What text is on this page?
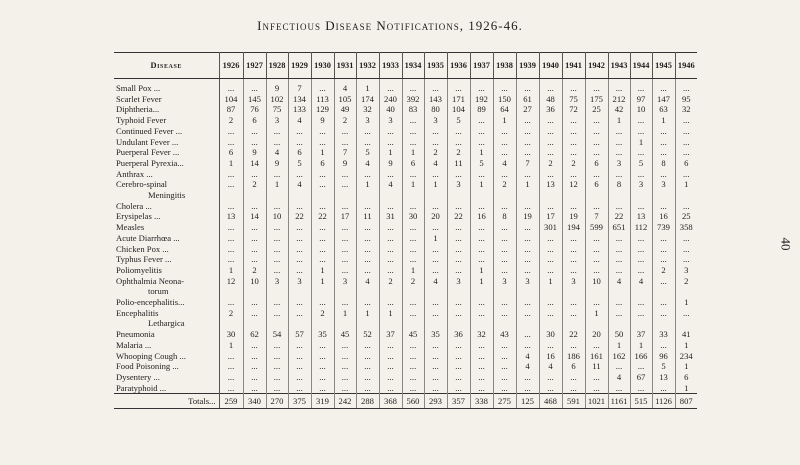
Infectious Disease Notifications, 1926-46.
40
Disease	1926	1927	1928	1929	1930	1931	1932	1933	1934	1935	1936	1937	1938	1939	1940	1941	1942	1943	1944	1945	1946
Small Pox ...	...	...	9	7	...	4	1	...	...	...	...	...	...	...	...	...	...	...	...	...	...
Scarlet Fever	104	145	102	134	113	105	174	240	392	143	171	192	150	61	48	75	175	212	97	147	95
Diphtheria...	87	76	75	133	129	49	32	40	83	80	104	89	64	27	36	72	25	42	10	63	32
Typhoid Fever	2	6	3	4	9	2	3	3	...	3	5	...	1	...	...	...	...	1	...	1	...
Continued Fever ...	...	...	...	...	...	...	...	...	...	...	...	...	...	...	...	...	...	...	...	...	...
Undulant Fever ...	...	...	...	...	...	...	...	...	...	...	...	...	...	...	...	...	...	...	1	...	...
Puerperal Fever ...	6	9	4	6	1	7	5	1	1	2	2	1	...	...	...	...	...	...	...	...	...
Puerperal Pyrexia...	1	14	9	5	6	9	4	9	6	4	11	5	4	7	2	2	6	3	5	8	6
Anthrax ...	...	...	...	...	...	...	...	...	...	...	...	...	...	...	...	...	...	...	...	...	...
Cerebro-spinal	...	2	1	4	...	...	1	4	1	1	3	1	2	1	13	12	6	8	3	3	1
Meningitis																					
Cholera ...	...	...	...	...	...	...	...	...	...	...	...	...	...	...	...	...	...	...	...	...	...
Erysipelas ...	13	14	10	22	22	17	11	31	30	20	22	16	8	19	17	19	7	22	13	16	25
Measles	...	...	...	...	...	...	...	...	...	...	...	...	...	...	301	194	599	651	112	739	358
Acute Diarrhœa ...	...	...	...	...	...	...	...	...	...	1	...	...	...	...	...	...	...	...	...	...	...
Chicken Pox ...	...	...	...	...	...	...	...	...	...	...	...	...	...	...	...	...	...	...	...	...	...
Typhus Fever ...	...	...	...	...	...	...	...	...	...	...	...	...	...	...	...	...	...	...	...	...	...
Poliomyelitis	1	2	...	...	1	...	...	...	1	...	...	1	...	...	...	...	...	...	...	2	3
Ophthalmia Neona-	12	10	3	3	1	3	4	2	2	4	3	1	3	3	1	3	10	4	4	...	2
torum																					
Polio-encephalitis...	...	...	...	...	...	...	...	...	...	...	...	...	...	...	...	...	...	...	...	...	1
Encephalitis	2	...	...	...	2	1	1	1	...	...	...	...	...	...	...	...	1	...	...	...	...
Lethargica																					
Pneumonia	30	62	54	57	35	45	52	37	45	35	36	32	43	...	30	22	20	50	37	33	41
Malaria ...	1	...	...	...	...	...	...	...	...	...	...	...	...	...	...	...	...	1	1	...	1
Whooping Cough ...	...	...	...	...	...	...	...	...	...	...	...	...	...	4	16	186	161	162	166	96	234
Food Poisoning ...	...	...	...	...	...	...	...	...	...	...	...	...	...	4	4	6	11	...	...	5	1
Dysentery ...	...	...	...	...	...	...	...	...	...	...	...	...	...	...	...	...	...	4	67	13	6
Paratyphoid ...	...	...	...	...	...	...	...	...	...	...	...	...	...	...	...	...	...	...	...	...	1
Totals...	259	340	270	375	319	242	288	368	560	293	357	338	275	125	468	591	1021	1161	515	1126	807
